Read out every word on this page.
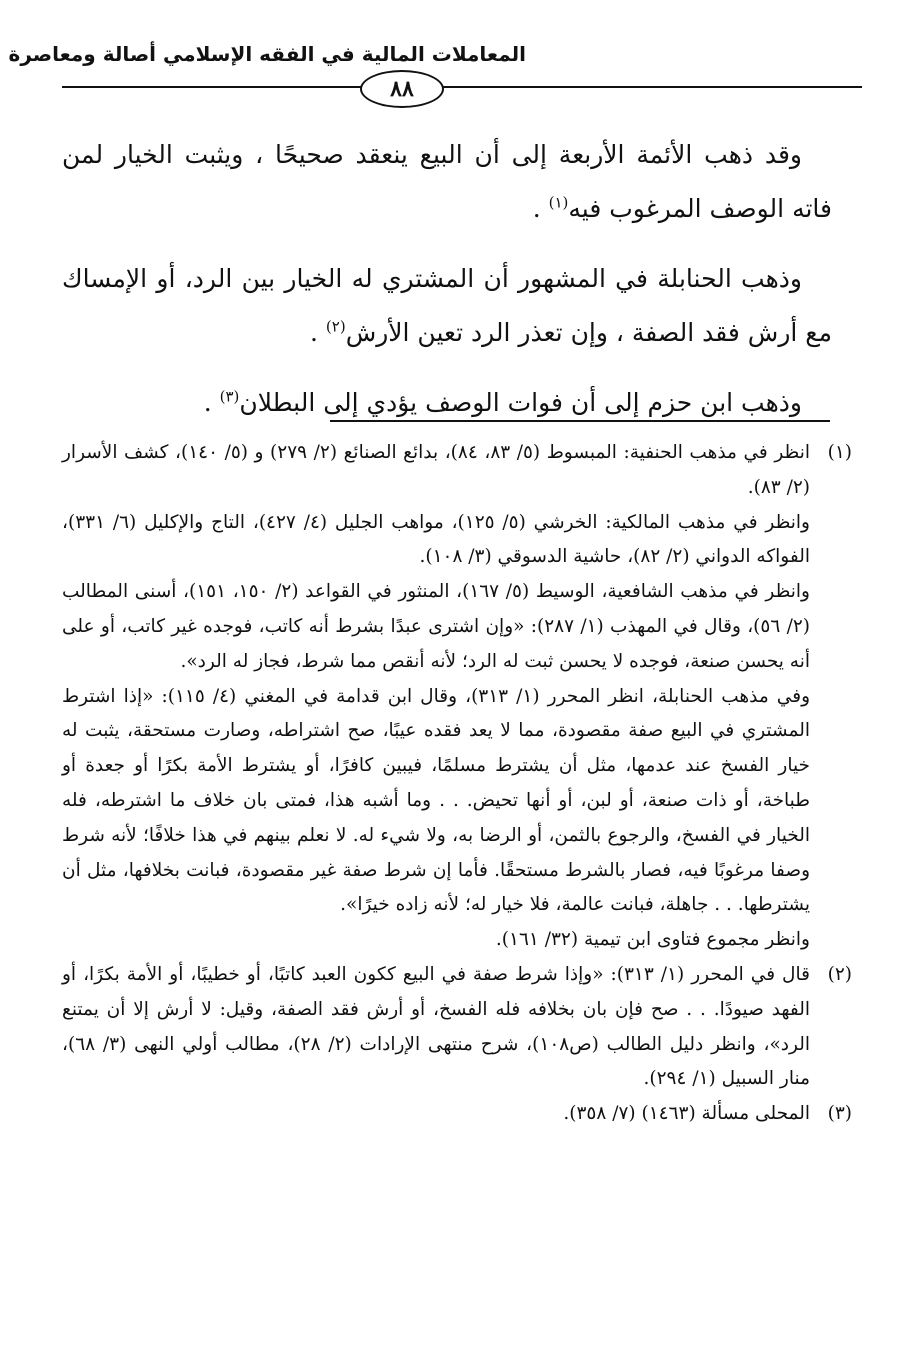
المعاملات المالية في الفقه الإسلامي أصالة ومعاصرة
٨٨

وقد ذهب الأئمة الأربعة إلى أن البيع ينعقد صحيحًا ، ويثبت الخيار لمن فاته الوصف المرغوب فيه$^{(١)}$ .

وذهب الحنابلة في المشهور أن المشتري له الخيار بين الرد، أو الإمساك مع أرش فقد الصفة ، وإن تعذر الرد تعين الأرش$^{(٢)}$ .

وذهب ابن حزم إلى أن فوات الوصف يؤدي إلى البطلان$^{(٣)}$ .

(١)

انظر في مذهب الحنفية: المبسوط (٥/ ٨٣، ٨٤)، بدائع الصنائع (٢/ ٢٧٩) و (٥/ ١٤٠)، كشف الأسرار (٢/ ٨٣).

وانظر في مذهب المالكية: الخرشي (٥/ ١٢٥)، مواهب الجليل (٤/ ٤٢٧)، التاج والإكليل (٦/ ٣٣١)، الفواكه الدواني (٢/ ٨٢)، حاشية الدسوقي (٣/ ١٠٨).

وانظر في مذهب الشافعية، الوسيط (٥/ ١٦٧)، المنثور في القواعد (٢/ ١٥٠، ١٥١)، أسنى المطالب (٢/ ٥٦)، وقال في المهذب (١/ ٢٨٧): «وإن اشترى عبدًا بشرط أنه كاتب، فوجده غير كاتب، أو على أنه يحسن صنعة، فوجده لا يحسن ثبت له الرد؛ لأنه أنقص مما شرط، فجاز له الرد».

وفي مذهب الحنابلة، انظر المحرر (١/ ٣١٣)، وقال ابن قدامة في المغني (٤/ ١١٥): «إذا اشترط المشتري في البيع صفة مقصودة، مما لا يعد فقده عيبًا، صح اشتراطه، وصارت مستحقة، يثبت له خيار الفسخ عند عدمها، مثل أن يشترط مسلمًا، فيبين كافرًا، أو يشترط الأمة بكرًا أو جعدة أو طباخة، أو ذات صنعة، أو لبن، أو أنها تحيض. . . وما أشبه هذا، فمتى بان خلاف ما اشترطه، فله الخيار في الفسخ، والرجوع بالثمن، أو الرضا به، ولا شيء له. لا نعلم بينهم في هذا خلافًا؛ لأنه شرط وصفا مرغوبًا فيه، فصار بالشرط مستحقًا. فأما إن شرط صفة غير مقصودة، فبانت بخلافها، مثل أن يشترطها. . . جاهلة، فبانت عالمة، فلا خيار له؛ لأنه زاده خيرًا».

وانظر مجموع فتاوى ابن تيمية (٣٢/ ١٦١).

(٢)

قال في المحرر (١/ ٣١٣): «وإذا شرط صفة في البيع ككون العبد كاتبًا، أو خطيبًا، أو الأمة بكرًا، أو الفهد صيودًا. . . صح فإن بان بخلافه فله الفسخ، أو أرش فقد الصفة، وقيل: لا أرش إلا أن يمتنع الرد»، وانظر دليل الطالب (ص١٠٨)، شرح منتهى الإرادات (٢/ ٢٨)، مطالب أولي النهى (٣/ ٦٨)، منار السبيل (١/ ٢٩٤).

(٣)

المحلى مسألة (١٤٦٣) (٧/ ٣٥٨).
